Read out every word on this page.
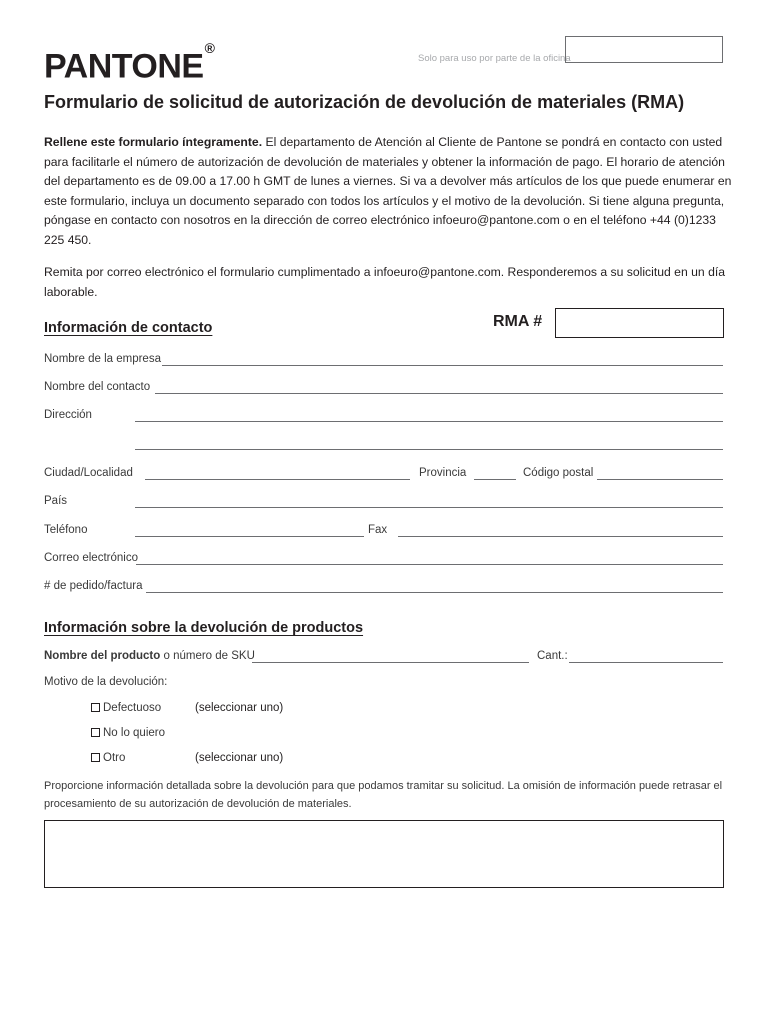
PANTONE®
Solo para uso por parte de la oficina
Formulario de solicitud de autorización de devolución de materiales (RMA)
Rellene este formulario íntegramente. El departamento de Atención al Cliente de Pantone se pondrá en contacto con usted para facilitarle el número de autorización de devolución de materiales y obtener la información de pago. El horario de atención del departamento es de 09.00 a 17.00 h GMT de lunes a viernes. Si va a devolver más artículos de los que puede enumerar en este formulario, incluya un documento separado con todos los artículos y el motivo de la devolución. Si tiene alguna pregunta, póngase en contacto con nosotros en la dirección de correo electrónico infoeuro@pantone.com o en el teléfono +44 (0)1233 225 450.
Remita por correo electrónico el formulario cumplimentado a infoeuro@pantone.com. Responderemos a su solicitud en un día laborable.
Información de contacto	RMA #
Nombre de la empresa
Nombre del contacto
Dirección
Ciudad/Localidad	Provincia	Código postal
País
Teléfono	Fax
Correo electrónico
# de pedido/factura
Información sobre la devolución de productos
Nombre del producto o número de SKU	Cant.:
Motivo de la devolución:
Defectuoso	(seleccionar uno)
No lo quiero
Otro	(seleccionar uno)
Proporcione información detallada sobre la devolución para que podamos tramitar su solicitud. La omisión de información puede retrasar el procesamiento de su autorización de devolución de materiales.
